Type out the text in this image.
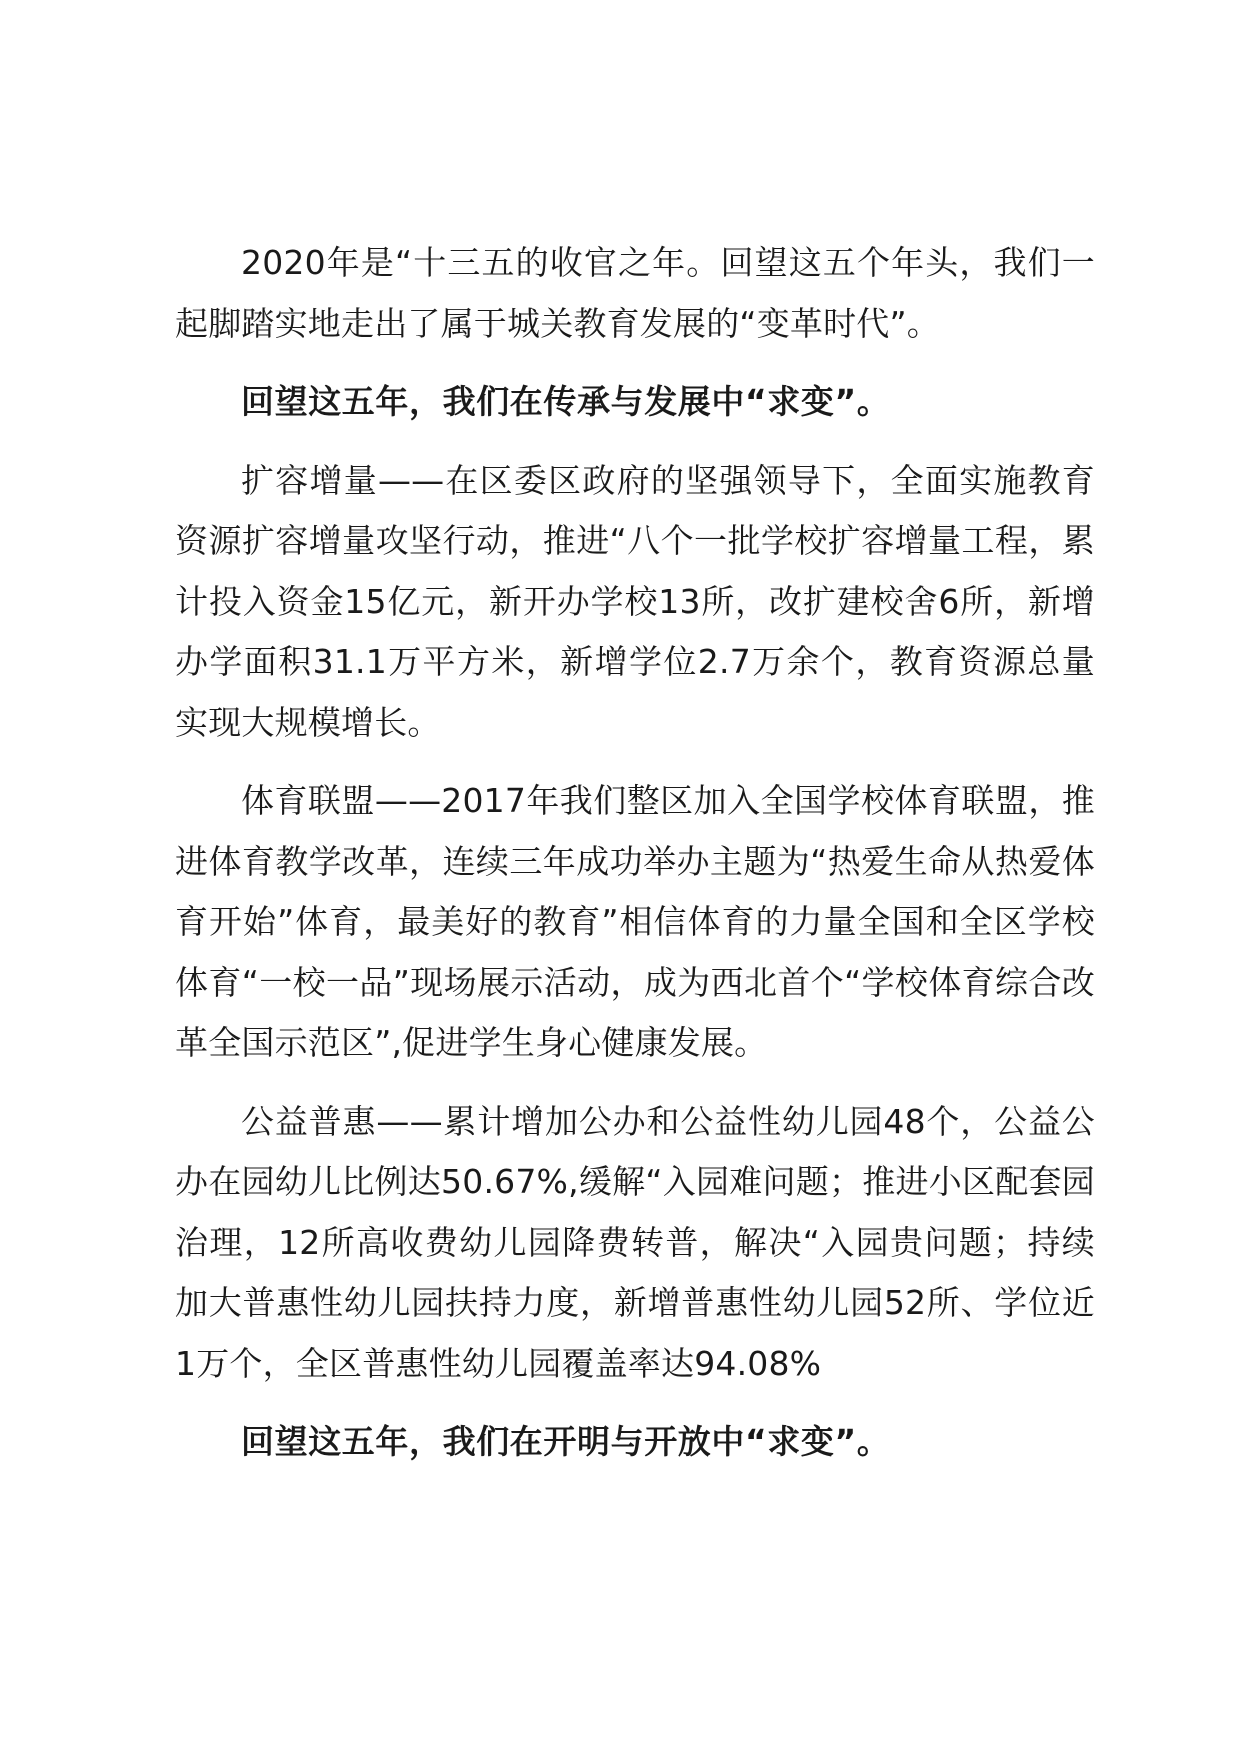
2020年是“十三五的收官之年。回望这五个年头，我们一起脚踏实地走出了属于城关教育发展的“变革时代”。

回望这五年，我们在传承与发展中“求变”。

扩容增量——在区委区政府的坚强领导下，全面实施教育资源扩容增量攻坚行动，推进“八个一批学校扩容增量工程，累计投入资金15亿元，新开办学校13所，改扩建校舍6所，新增办学面积31.1万平方米，新增学位2.7万余个，教育资源总量实现大规模增长。

体育联盟——2017年我们整区加入全国学校体育联盟，推进体育教学改革，连续三年成功举办主题为“热爱生命从热爱体育开始”体育，最美好的教育”相信体育的力量全国和全区学校体育“一校一品”现场展示活动，成为西北首个“学校体育综合改革全国示范区”,促进学生身心健康发展。

公益普惠——累计增加公办和公益性幼儿园48个，公益公办在园幼儿比例达50.67%,缓解“入园难问题；推进小区配套园治理，12所高收费幼儿园降费转普，解决“入园贵问题；持续加大普惠性幼儿园扶持力度，新增普惠性幼儿园52所、学位近1万个，全区普惠性幼儿园覆盖率达94.08%

回望这五年，我们在开明与开放中“求变”。
